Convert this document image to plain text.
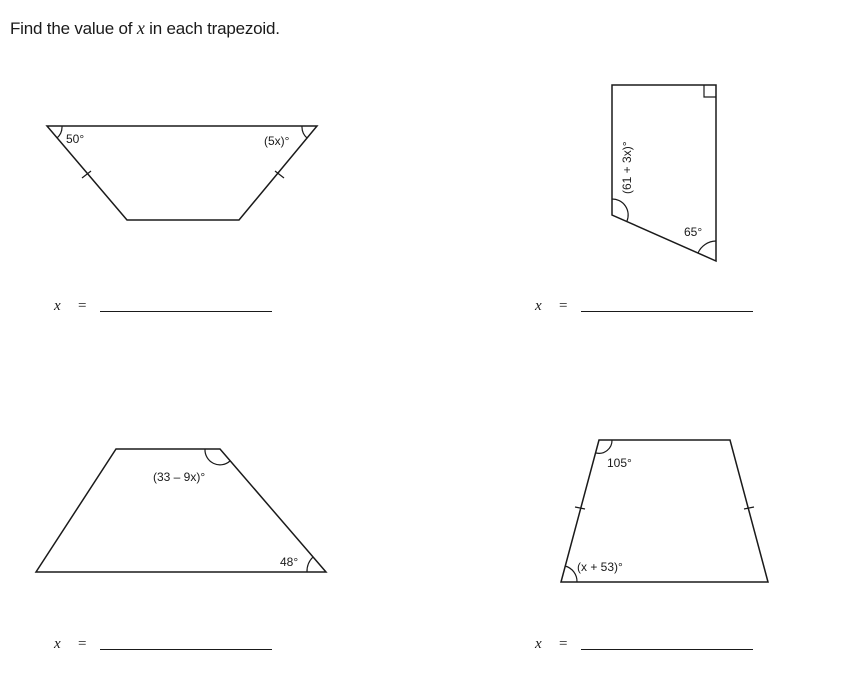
Find the value of x in each trapezoid.
50°	(5x)°
(61 + 3x)°
65°
(33 – 9x)°
48°
105°
(x + 53)°
x =	x =
x =	x =
